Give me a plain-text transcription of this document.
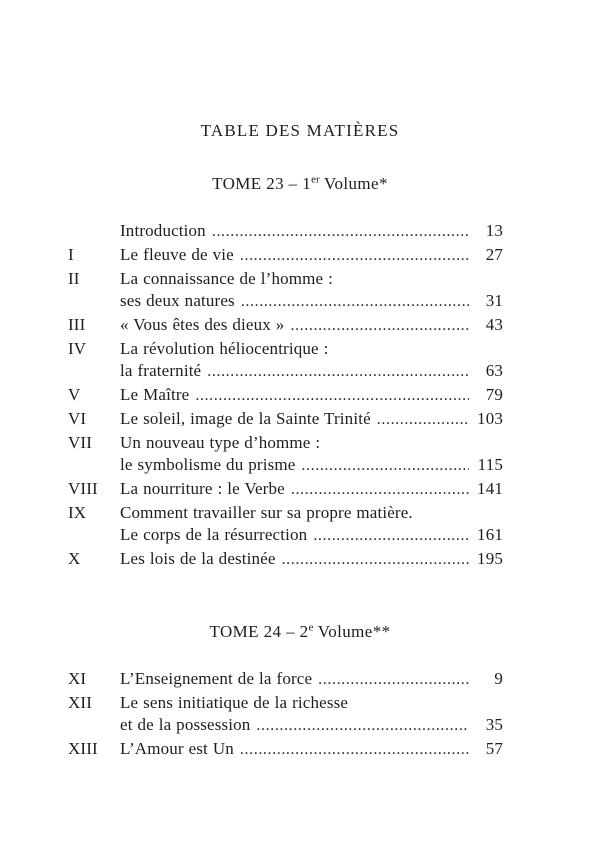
TABLE DES MATIÈRES
TOME 23 – 1er Volume*
Introduction .....	13
I	Le fleuve de vie .....	27
II La connaissance de l’homme :
ses deux natures .....	31
III « Vous êtes des dieux » .....	43
IV La révolution héliocentrique :
la fraternité .....	63
V Le Maître .....	79
VI Le soleil, image de la Sainte Trinité .....	103
VII Un nouveau type d’homme :
le symbolisme du prisme .....	115
VIII La nourriture : le Verbe .....	141
IX Comment travailler sur sa propre matière.
Le corps de la résurrection .....	161
X Les lois de la destinée .....	195
TOME 24 – 2e Volume**
XI L’Enseignement de la force .....	9
XII Le sens initiatique de la richesse
et de la possession .....	35
XIII L’Amour est Un .....	57
